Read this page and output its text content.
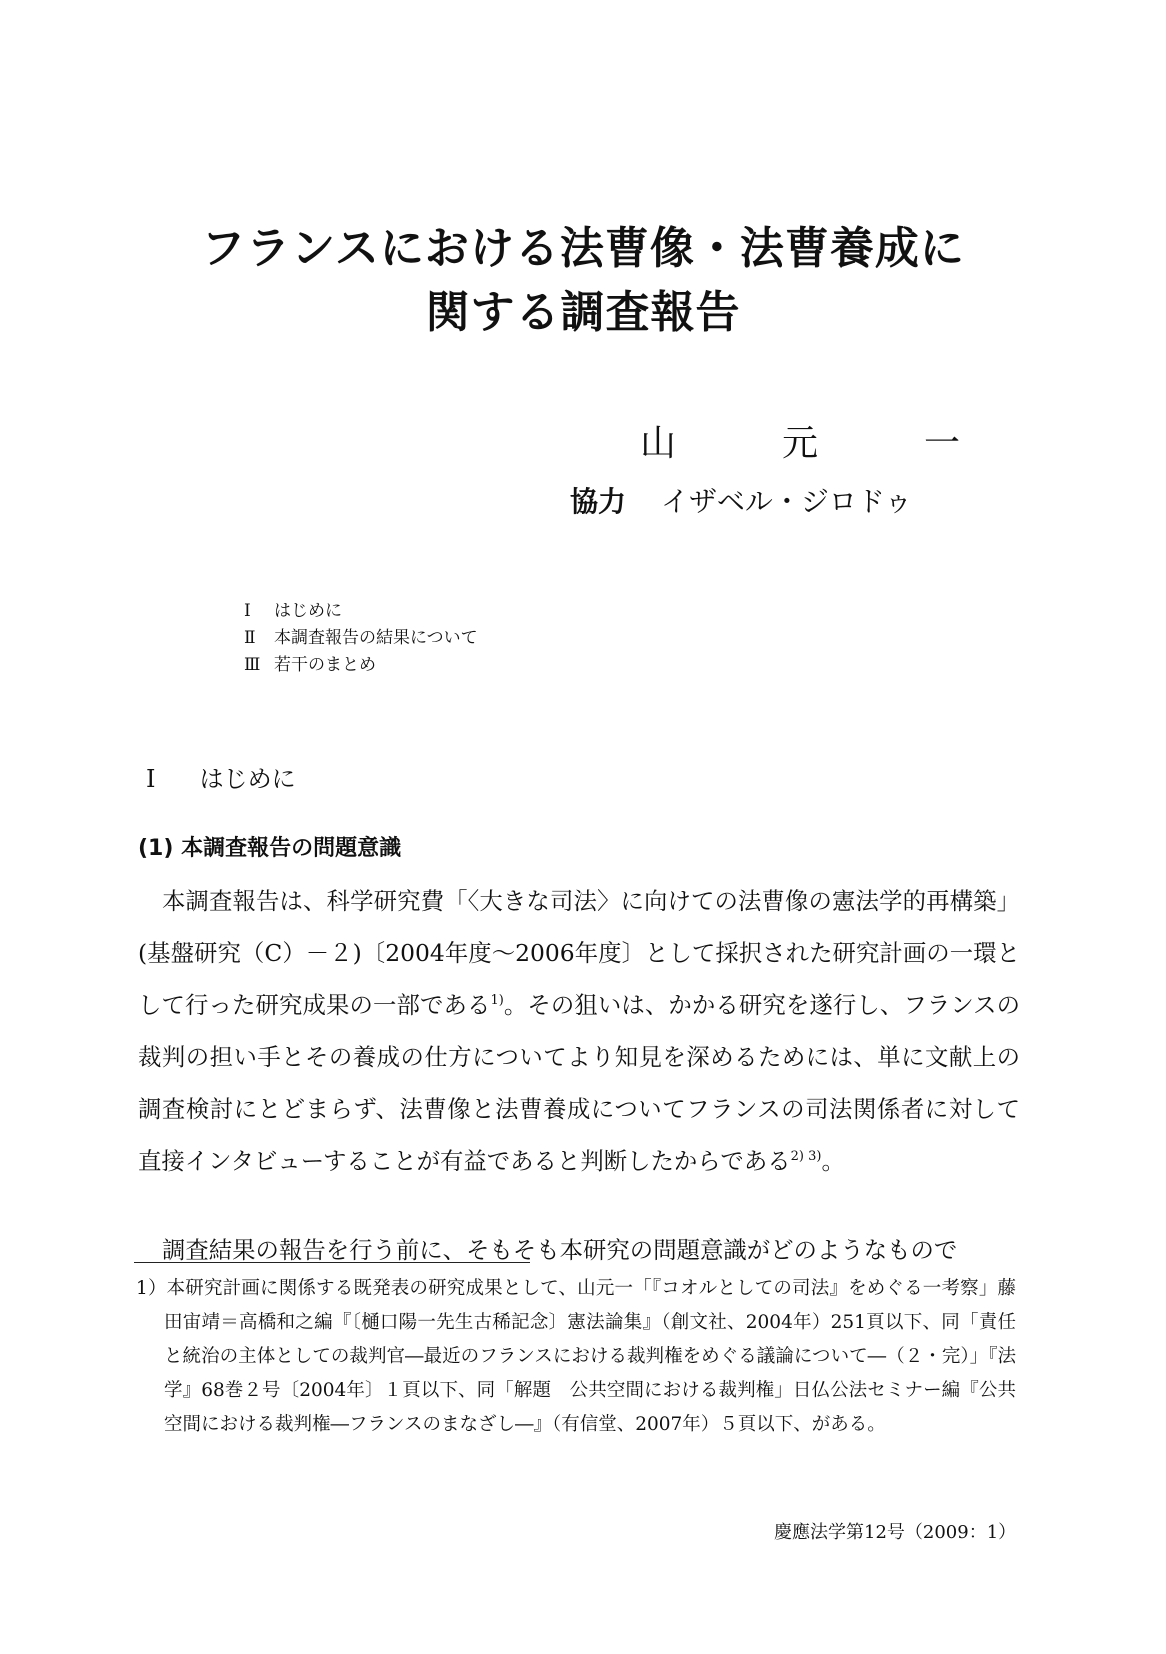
フランスにおける法曹像・法曹養成に
関する調査報告
山	元	一
協力 イザベル・ジロドゥ
Ⅰ	はじめに
Ⅱ	本調査報告の結果について
Ⅲ 若干のまとめ
Ⅰ はじめに
(1) 本調査報告の問題意識
本調査報告は、科学研究費「〈大きな司法〉に向けての法曹像の憲法学的再構築」(基盤研究（C）－２)〔2004年度～2006年度〕として採択された研究計画の一環として行った研究成果の一部である$^{1)}$。その狙いは、かかる研究を遂行し、フランスの裁判の担い手とその養成の仕方についてより知見を深めるためには、単に文献上の調査検討にとどまらず、法曹像と法曹養成についてフランスの司法関係者に対して直接インタビューすることが有益であると判断したからである$^{2) 3)}$。
調査結果の報告を行う前に、そもそも本研究の問題意識がどのようなもので
1）本研究計画に関係する既発表の研究成果として、山元一「『コオルとしての司法』をめぐる一考察」藤田宙靖＝高橋和之編『〔樋口陽一先生古稀記念〕憲法論集』（創文社、2004年）251頁以下、同「責任と統治の主体としての裁判官―最近のフランスにおける裁判権をめぐる議論について―（２・完）」『法学』68巻２号〔2004年〕１頁以下、同「解題　公共空間における裁判権」日仏公法セミナー編『公共空間における裁判権―フランスのまなざし―』（有信堂、2007年）５頁以下、がある。
慶應法学第12号（2009：1）
